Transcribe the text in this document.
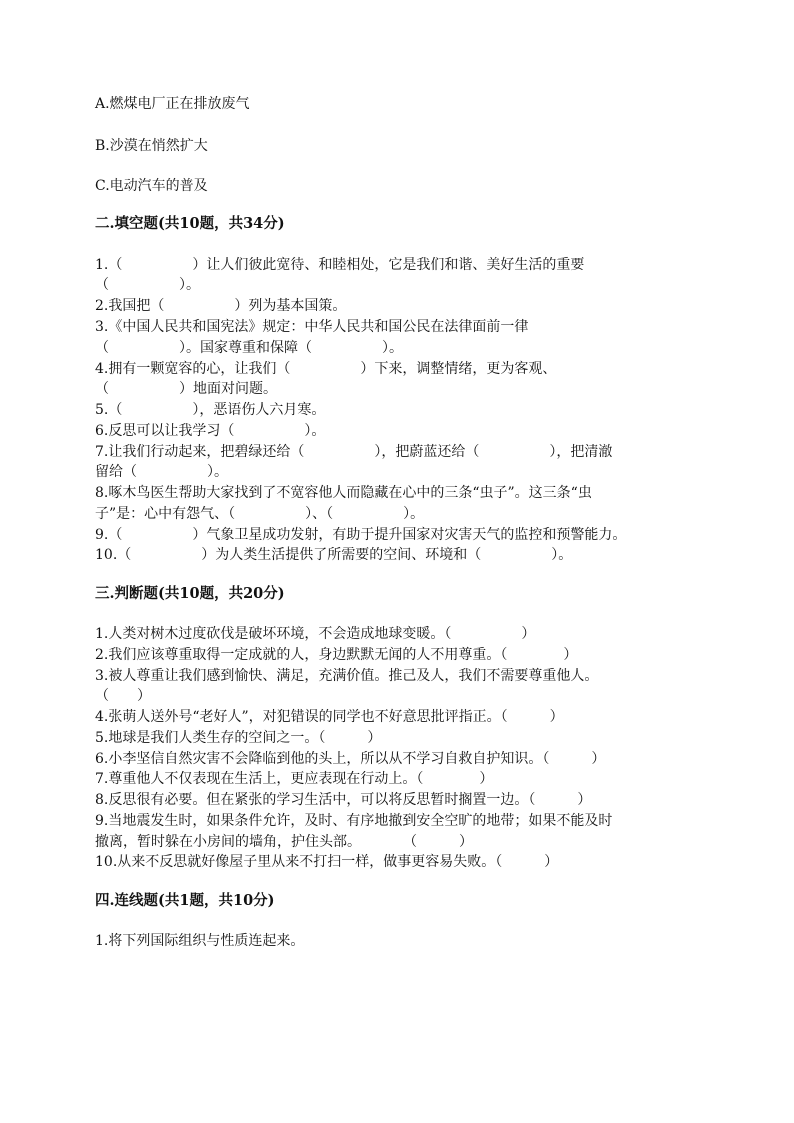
A.燃煤电厂正在排放废气
B.沙漠在悄然扩大
C.电动汽车的普及
二.填空题(共10题，共34分)
1.（　　　　　）让人们彼此宽待、和睦相处，它是我们和谐、美好生活的重要
（　　　　　）。
2.我国把（　　　　　）列为基本国策。
3.《中国人民共和国宪法》规定：中华人民共和国公民在法律面前一律
（　　　　　）。国家尊重和保障（　　　　　）。
4.拥有一颗宽容的心，让我们（　　　　　）下来，调整情绪，更为客观、
（　　　　　）地面对问题。
5.（　　　　　），恶语伤人六月寒。
6.反思可以让我学习（　　　　　）。
7.让我们行动起来，把碧绿还给（　　　　　），把蔚蓝还给（　　　　　），把清澈
留给（　　　　　）。
8.啄木鸟医生帮助大家找到了不宽容他人而隐藏在心中的三条“虫子”。这三条“虫
子”是：心中有怨气、（　　　　　）、（　　　　　）。
9.（　　　　　）气象卫星成功发射，有助于提升国家对灾害天气的监控和预警能力。
10.（　　　　　）为人类生活提供了所需要的空间、环境和（　　　　　）。
三.判断题(共10题，共20分)
1.人类对树木过度砍伐是破坏环境，不会造成地球变暖。（　　　　　）
2.我们应该尊重取得一定成就的人，身边默默无闻的人不用尊重。（　　　　）
3.被人尊重让我们感到愉快、满足，充满价值。推己及人，我们不需要尊重他人。
（　　）
4.张萌人送外号“老好人”，对犯错误的同学也不好意思批评指正。（　　　）
5.地球是我们人类生存的空间之一。（　　　）
6.小李坚信自然灾害不会降临到他的头上，所以从不学习自救自护知识。（　　　）
7.尊重他人不仅表现在生活上，更应表现在行动上。（　　　　）
8.反思很有必要。但在紧张的学习生活中，可以将反思暂时搁置一边。（　　　）
9.当地震发生时，如果条件允许，及时、有序地撤到安全空旷的地带；如果不能及时
撤离，暂时躲在小房间的墙角，护住头部。　　　　（　　　）
10.从来不反思就好像屋子里从来不打扫一样，做事更容易失败。（　　　）
四.连线题(共1题，共10分)
1.将下列国际组织与性质连起来。
